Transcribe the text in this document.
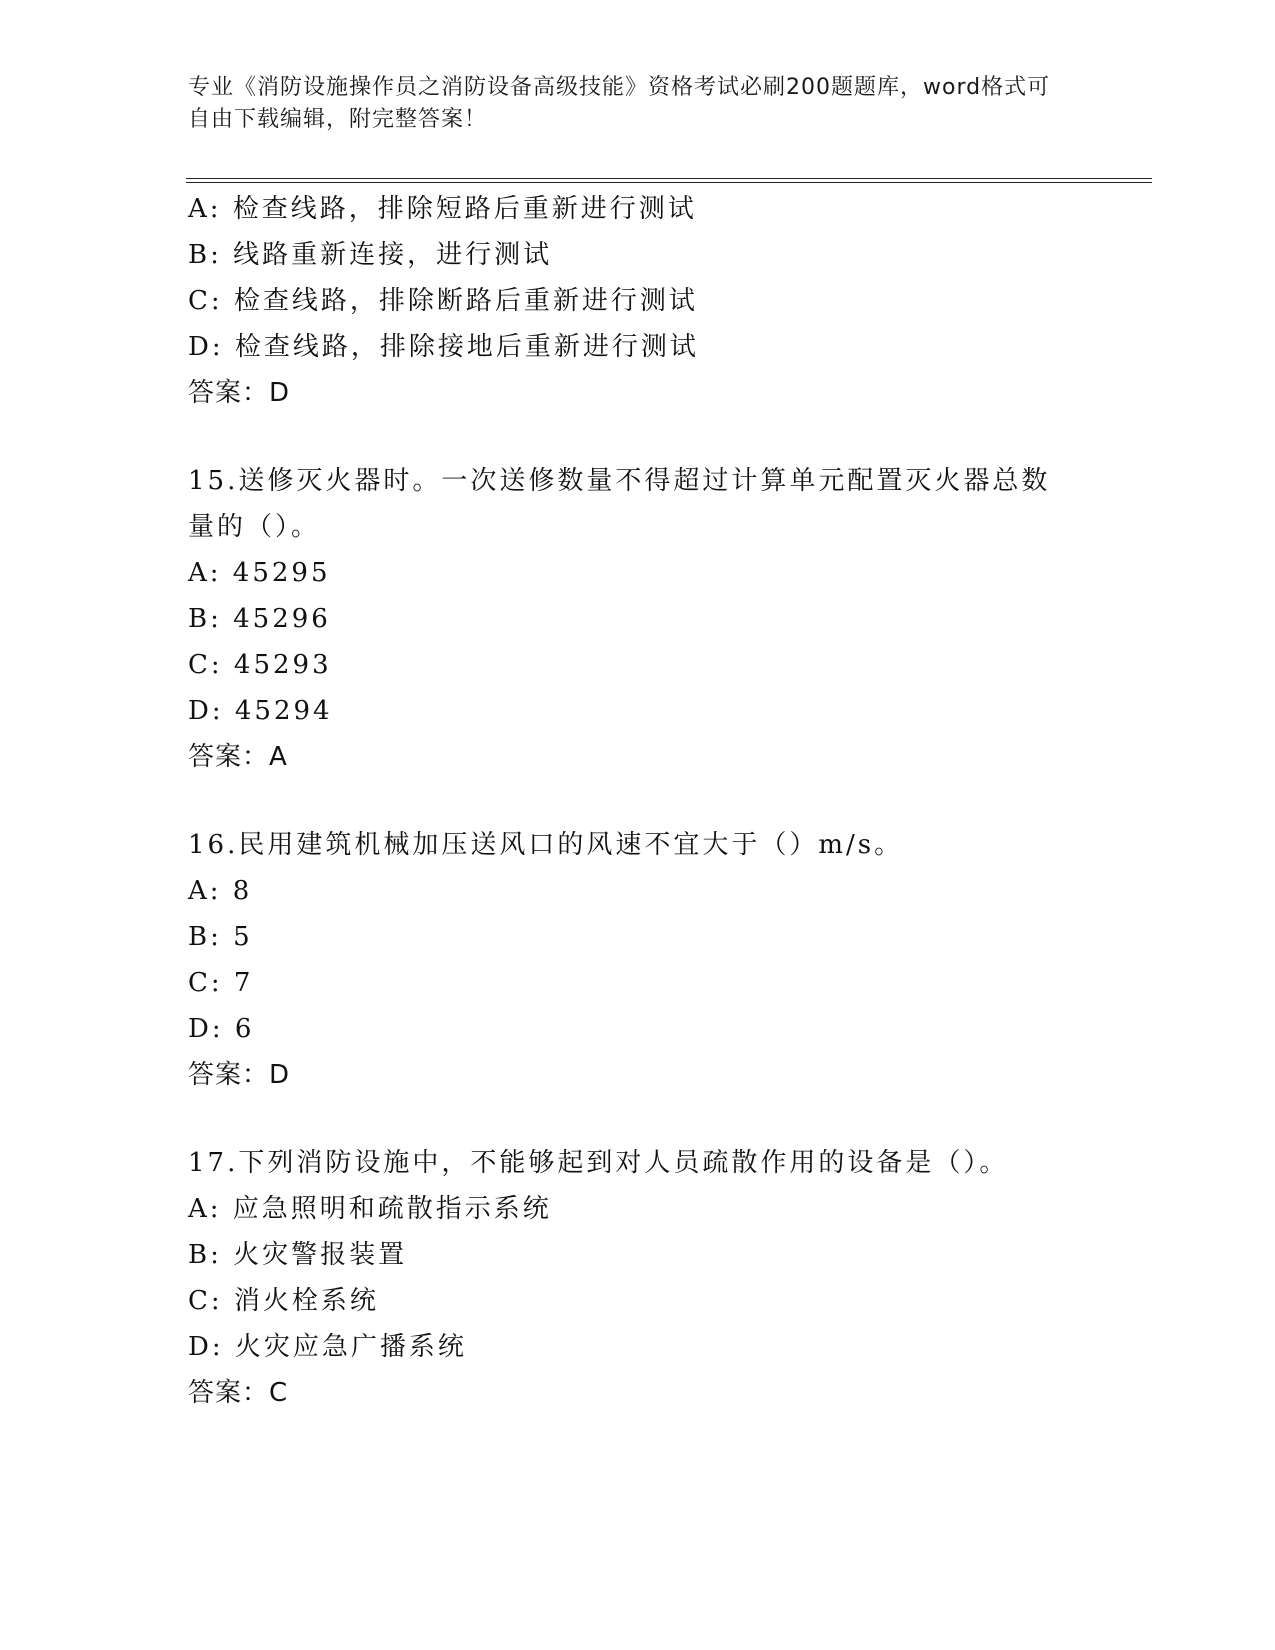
专业《消防设施操作员之消防设备高级技能》资格考试必刷200题题库，word格式可自由下载编辑，附完整答案！
A: 检查线路，排除短路后重新进行测试
B: 线路重新连接，进行测试
C: 检查线路，排除断路后重新进行测试
D: 检查线路，排除接地后重新进行测试
答案：D
15.送修灭火器时。一次送修数量不得超过计算单元配置灭火器总数量的（）。
A: 45295
B: 45296
C: 45293
D: 45294
答案：A
16.民用建筑机械加压送风口的风速不宜大于（）m/s。
A: 8
B: 5
C: 7
D: 6
答案：D
17.下列消防设施中，不能够起到对人员疏散作用的设备是（）。
A: 应急照明和疏散指示系统
B: 火灾警报装置
C: 消火栓系统
D: 火灾应急广播系统
答案：C
